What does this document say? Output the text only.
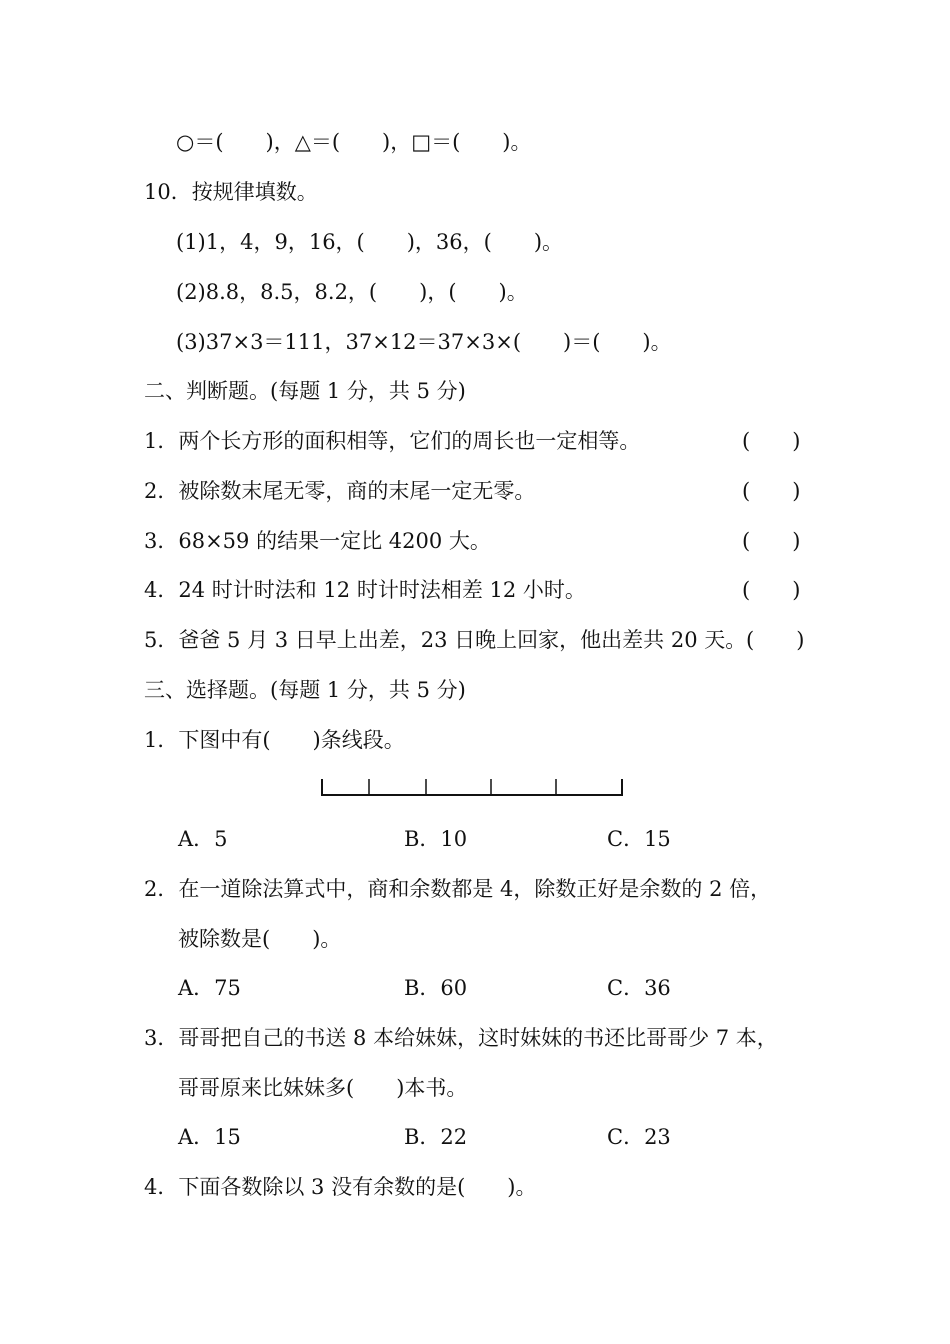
○＝(　　)，△＝(　　)，□＝(　　)。
10．按规律填数。
(1)1，4，9，16，(　　)，36，(　　)。
(2)8.8，8.5，8.2，(　　)，(　　)。
(3)37×3＝111，37×12＝37×3×(　　)＝(　　)。
二、判断题。(每题 1 分，共 5 分)
1．两个长方形的面积相等，它们的周长也一定相等。	(　　)
2．被除数末尾无零，商的末尾一定无零。	(　　)
3．68×59 的结果一定比 4200 大。	(　　)
4．24 时计时法和 12 时计时法相差 12 小时。	(　　)
5．爸爸 5 月 3 日早上出差，23 日晚上回家，他出差共 20 天。 (　　)
三、选择题。(每题 1 分，共 5 分)
1．下图中有(　　)条线段。
A．5	B．10	C．15
2．在一道除法算式中，商和余数都是 4，除数正好是余数的 2 倍，
被除数是(　　)。
A．75	B．60	C．36
3．哥哥把自己的书送 8 本给妹妹，这时妹妹的书还比哥哥少 7 本，
哥哥原来比妹妹多(　　)本书。
A．15	B．22	C．23
4．下面各数除以 3 没有余数的是(　　)。
